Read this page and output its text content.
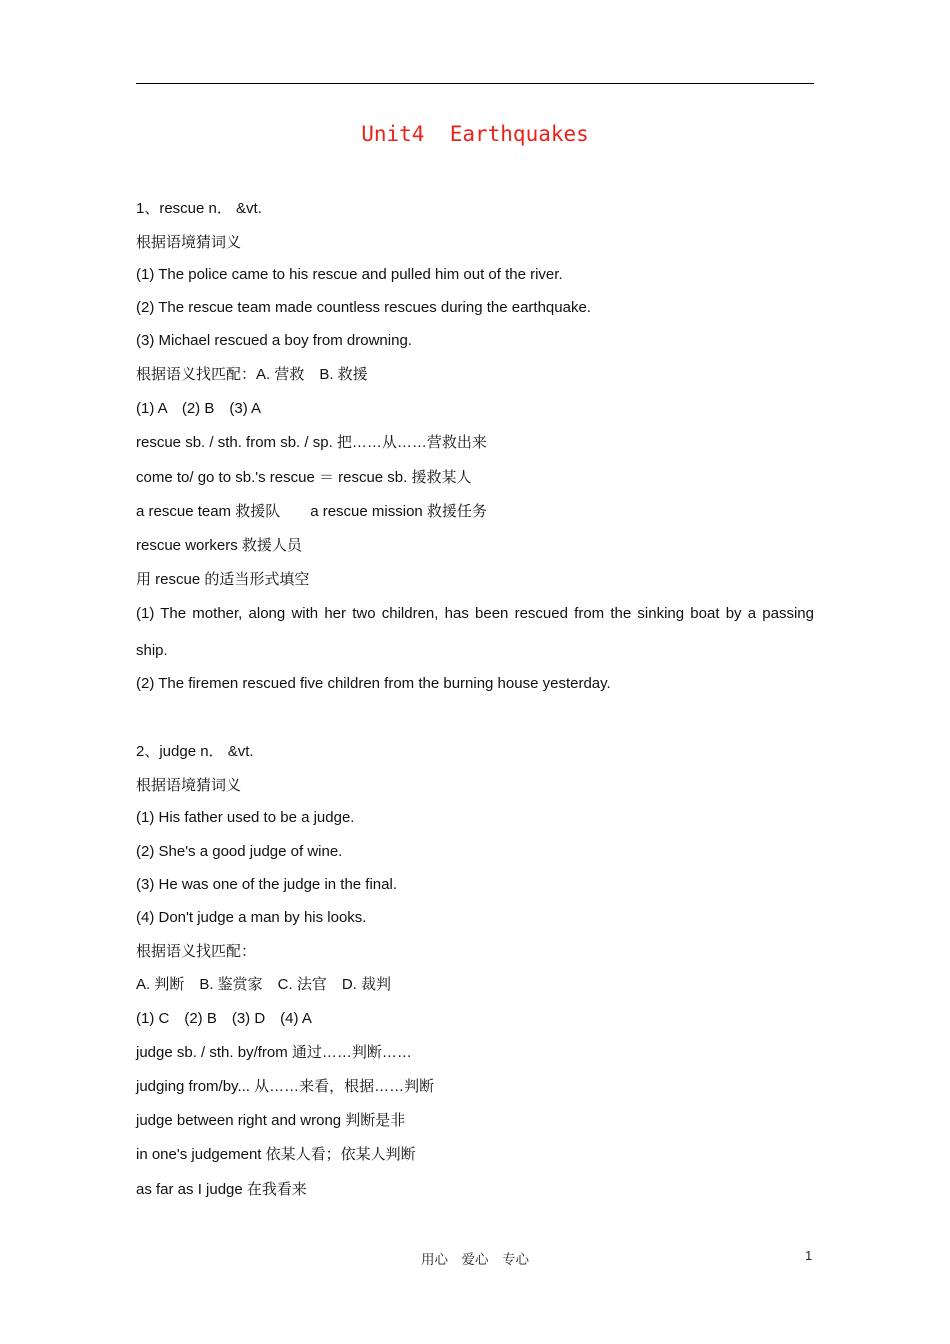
Unit4  Earthquakes
1、rescue n． &vt.
根据语境猜词义
(1) The police came to his rescue and pulled him out of the river.
(2) The rescue team made countless rescues during the earthquake.
(3) Michael rescued a boy from drowning.
根据语义找匹配：A. 营救　B. 救援
(1) A　(2) B　(3) A
rescue sb. / sth. from sb. / sp. 把……从……营救出来
come to/ go to sb.'s rescue ＝ rescue sb. 援救某人
a rescue team 救援队　　a rescue mission 救援任务
rescue workers 救援人员
用 rescue 的适当形式填空
(1) The mother, along with her two children, has been rescued from the sinking boat by a passing
ship.
(2) The firemen rescued five children from the burning house yesterday.
2、judge n． &vt.
根据语境猜词义
(1) His father used to be a judge.
(2) She's a good judge of wine.
(3) He was one of the judge in the final.
(4) Don't judge a man by his looks.
根据语义找匹配：
A. 判断　B. 鉴赏家　C. 法官　D. 裁判
(1) C　(2) B　(3) D　(4) A
judge sb. / sth. by/from 通过……判断……
judging from/by... 从……来看，根据……判断
judge between right and wrong 判断是非
in one's judgement 依某人看；依某人判断
as far as I judge 在我看来
用心　爱心　专心	1
